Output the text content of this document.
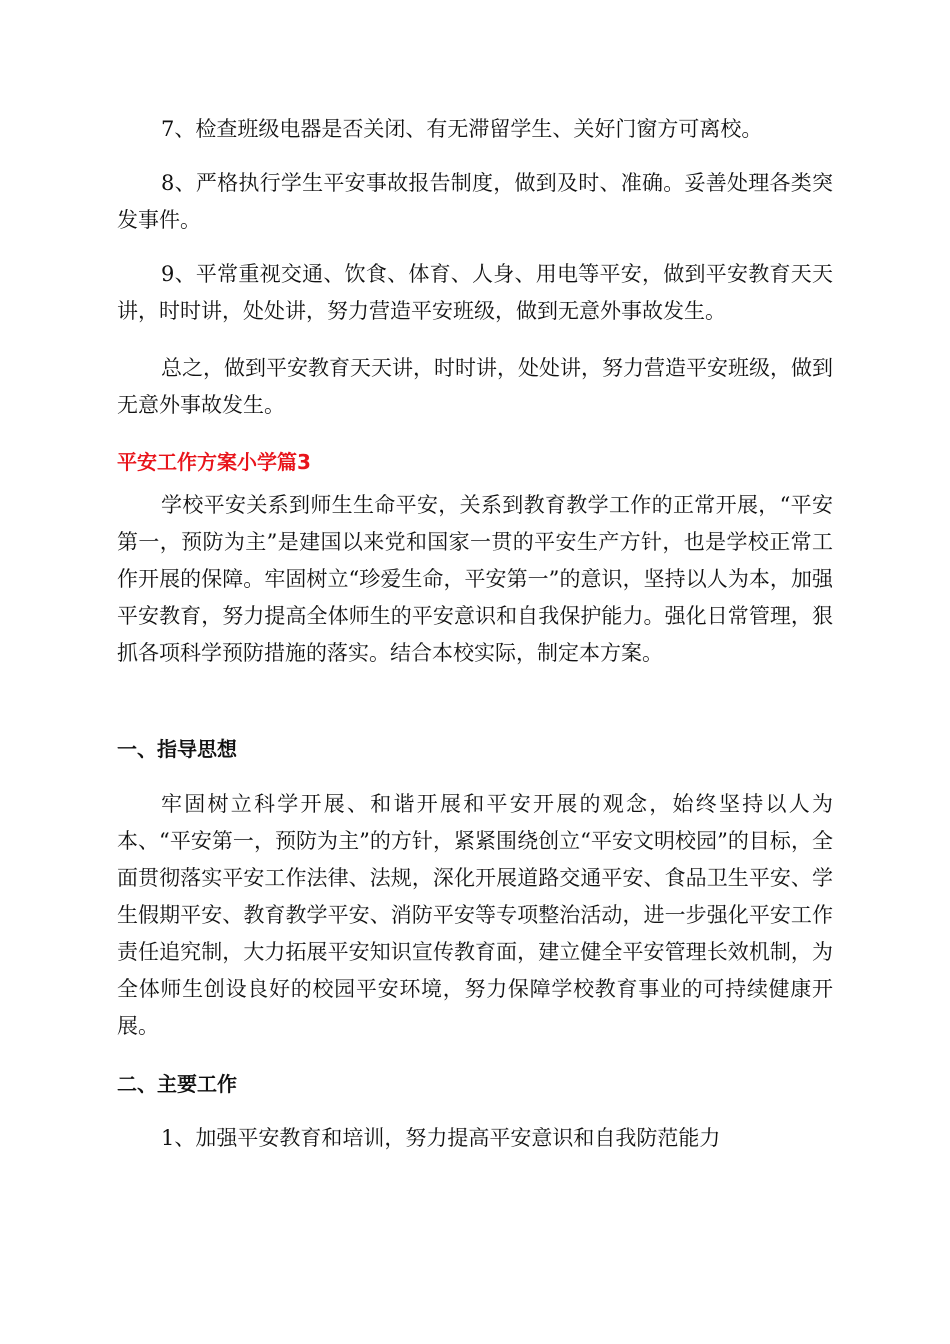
7、检查班级电器是否关闭、有无滞留学生、关好门窗方可离校。

8、严格执行学生平安事故报告制度，做到及时、准确。妥善处理各类突发事件。

9、平常重视交通、饮食、体育、人身、用电等平安，做到平安教育天天讲，时时讲，处处讲，努力营造平安班级，做到无意外事故发生。

总之，做到平安教育天天讲，时时讲，处处讲，努力营造平安班级，做到无意外事故发生。

平安工作方案小学篇3

学校平安关系到师生生命平安，关系到教育教学工作的正常开展，“平安第一，预防为主”是建国以来党和国家一贯的平安生产方针，也是学校正常工作开展的保障。牢固树立“珍爱生命，平安第一”的意识，坚持以人为本，加强平安教育，努力提高全体师生的平安意识和自我保护能力。强化日常管理，狠抓各项科学预防措施的落实。结合本校实际，制定本方案。

一、指导思想

牢固树立科学开展、和谐开展和平安开展的观念，始终坚持以人为本、“平安第一，预防为主”的方针，紧紧围绕创立“平安文明校园”的目标，全面贯彻落实平安工作法律、法规，深化开展道路交通平安、食品卫生平安、学生假期平安、教育教学平安、消防平安等专项整治活动，进一步强化平安工作责任追究制，大力拓展平安知识宣传教育面，建立健全平安管理长效机制，为全体师生创设良好的校园平安环境，努力保障学校教育事业的可持续健康开展。

二、主要工作

1、加强平安教育和培训，努力提高平安意识和自我防范能力
